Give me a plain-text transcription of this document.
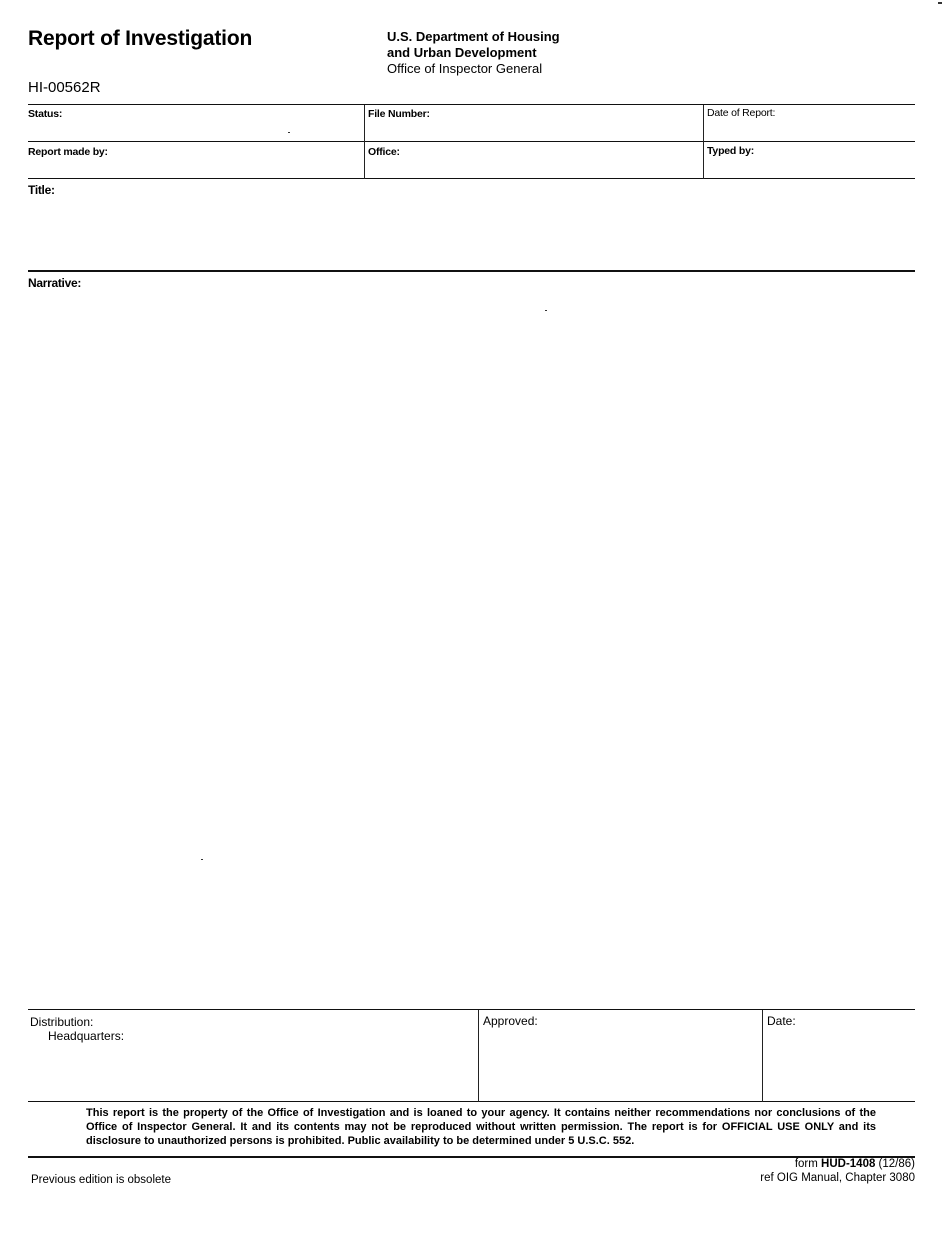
Report of Investigation	U.S. Department of Housing
and Urban Development
Office of Inspector General
HI-00562R
Status:	File Number:	Date of Report:
Report made by:	Office:	Typed by:
Title:
Narrative:
Distribution:
Headquarters:
Approved:	Date:
This report is the property of the Office of Investigation and is loaned to your agency. It contains neither recommendations nor conclusions of the Office of Inspector General. It and its contents may not be reproduced without written permission. The report is for OFFICIAL USE ONLY and its disclosure to unauthorized persons is prohibited. Public availability to be determined under 5 U.S.C. 552.
Previous edition is obsolete
form HUD-1408 (12/86)
ref OIG Manual, Chapter 3080
